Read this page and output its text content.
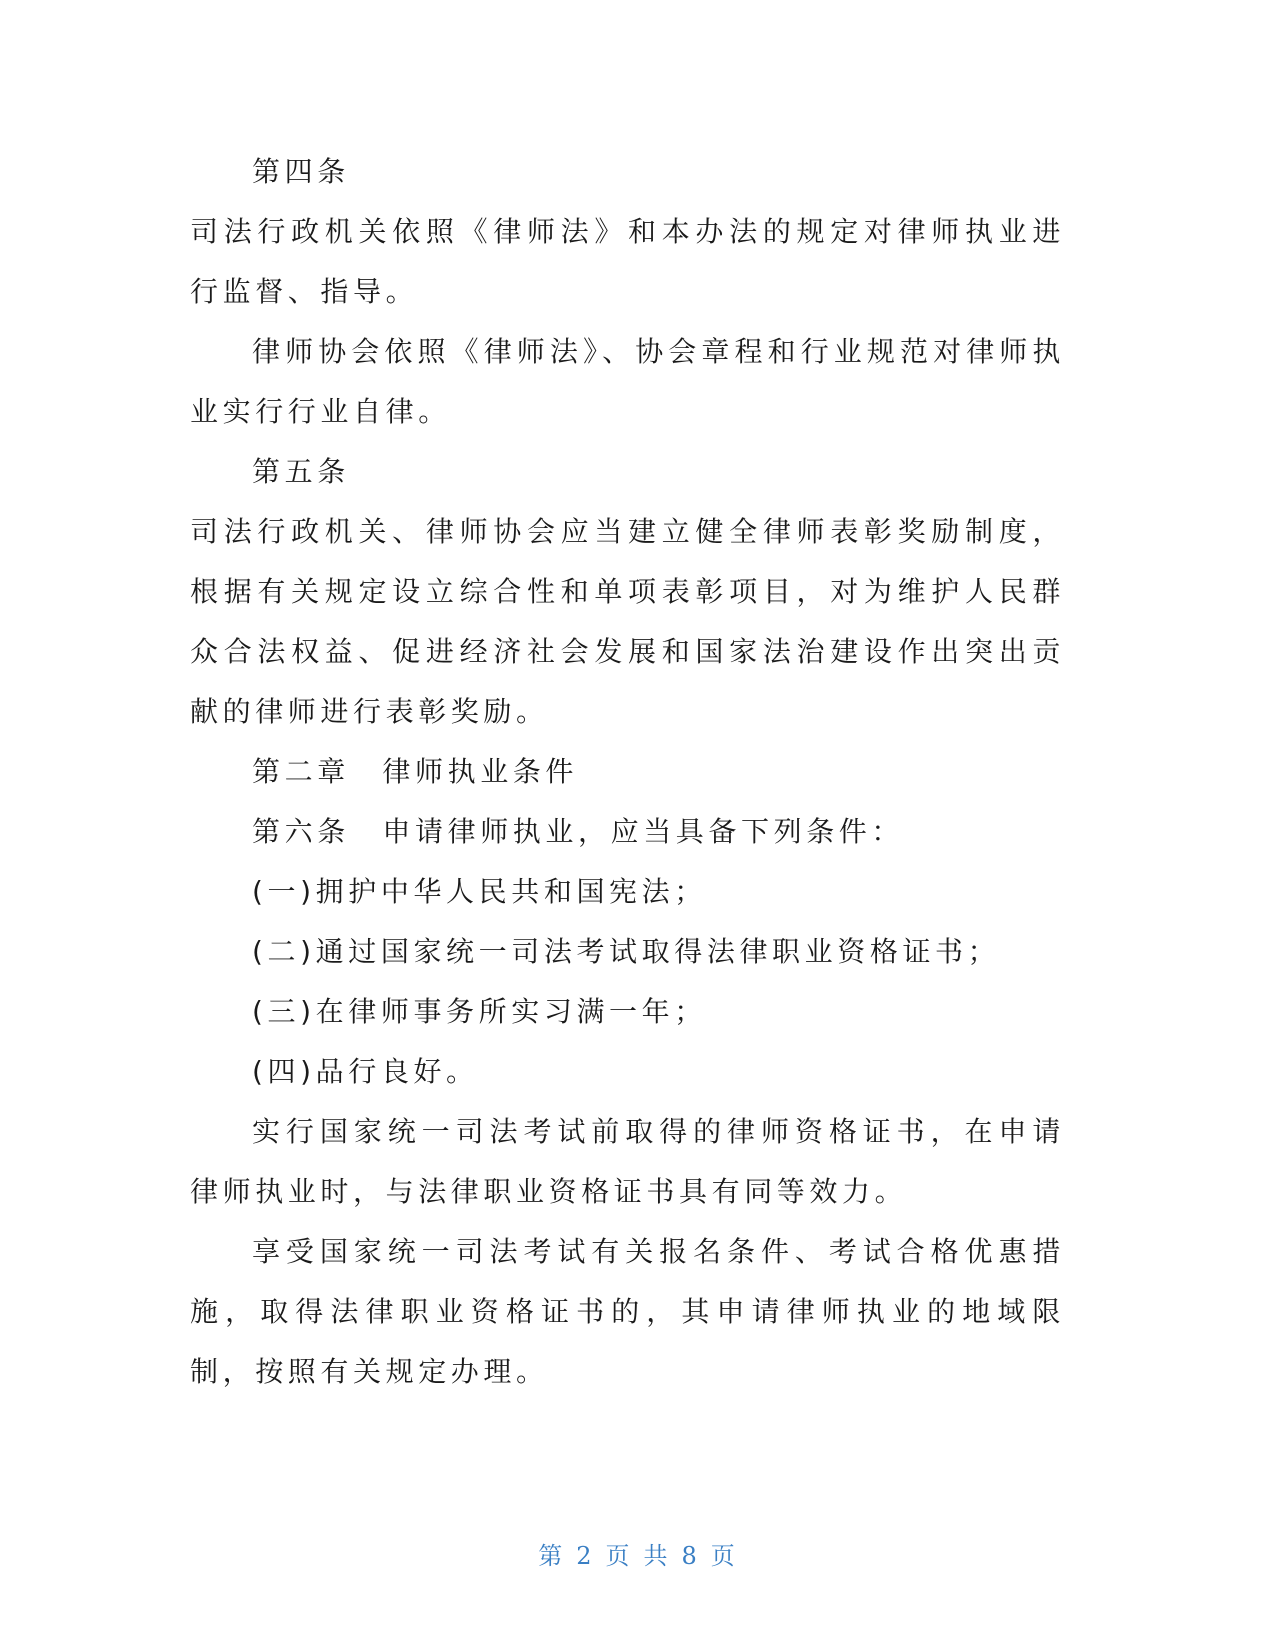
第四条

司法行政机关依照《律师法》和本办法的规定对律师执业进行监督、指导。

律师协会依照《律师法》、协会章程和行业规范对律师执业实行行业自律。

第五条

司法行政机关、律师协会应当建立健全律师表彰奖励制度，根据有关规定设立综合性和单项表彰项目，对为维护人民群众合法权益、促进经济社会发展和国家法治建设作出突出贡献的律师进行表彰奖励。

第二章　律师执业条件

第六条　申请律师执业，应当具备下列条件：

(一)拥护中华人民共和国宪法；

(二)通过国家统一司法考试取得法律职业资格证书；

(三)在律师事务所实习满一年；

(四)品行良好。

实行国家统一司法考试前取得的律师资格证书，在申请律师执业时，与法律职业资格证书具有同等效力。

享受国家统一司法考试有关报名条件、考试合格优惠措施，取得法律职业资格证书的，其申请律师执业的地域限制，按照有关规定办理。

第 2 页 共 8 页
